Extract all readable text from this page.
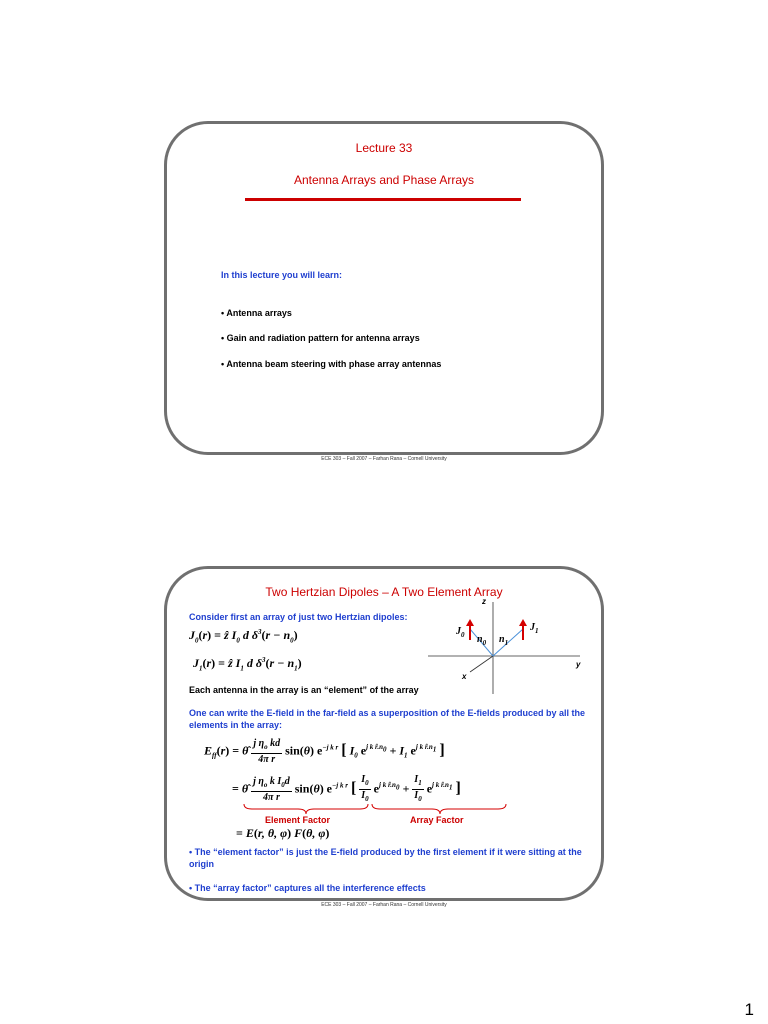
Lecture 33
Antenna Arrays and Phase Arrays
In this lecture you will learn:
• Antenna arrays
• Gain and radiation pattern for antenna arrays
• Antenna beam steering with phase array antennas
ECE 303 – Fall 2007 – Farhan Rana – Cornell University
Two Hertzian Dipoles – A Two Element Array
Consider first an array of just two Hertzian dipoles:
$J_0(r)$ = ẑ $I_0$ d $\delta^3(r - n_0)$
$J_1(r)$ = ẑ $I_1$ d $\delta^3(r - n_1)$
$J_0$ $n_0$ $n_1$
$J_1$
z
y
x
Each antenna in the array is an “element” of the array
One can write the E-field in the far-field as a superposition of the E-fields produced by all the elements in the array:
$E_{ff}(r)$ = θ̂ $\frac{j \eta_o kd}{\text{4π r}} \sin(\theta)$ $e^{-j k r}$ [ $I_0$ $e^{j k r̂.n_0} + I_1$ $e^{j k r̂.n_1}$ ]
= θ̂ $\frac{j \eta_o k I_0d}{\text{4π r}} \sin(\theta)$ $e^{-j k r}$ [ $\frac{I_0}{I_0} e^{j k r̂.n_0} + \frac{I_1}{I_0} e^{j k r̂.n_1}$ ]
Element Factor	Array Factor
= E(r, θ, φ) F(θ, φ)
• The “element factor” is just the E-field produced by the first element if it were sitting at the origin
• The “array factor” captures all the interference effects
ECE 303 – Fall 2007 – Farhan Rana – Cornell University
1
